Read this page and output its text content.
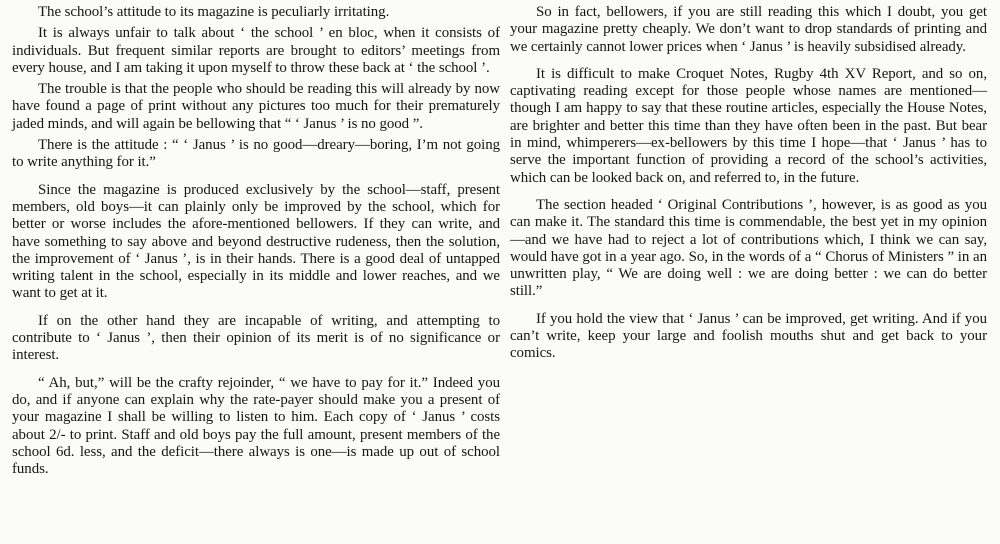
The school’s attitude to its magazine is peculiarly irritating.

It is always unfair to talk about ‘ the school ’ en bloc, when it consists of individuals. But frequent similar reports are brought to editors’ meetings from every house, and I am taking it upon myself to throw these back at ‘ the school ’.

The trouble is that the people who should be reading this will already by now have found a page of print without any pictures too much for their prematurely jaded minds, and will again be bellowing that “ ‘ Janus ’ is no good ”.

There is the attitude : “ ‘ Janus ’ is no good—dreary—boring, I’m not going to write anything for it.”

Since the magazine is produced exclusively by the school—staff, present members, old boys—it can plainly only be improved by the school, which for better or worse includes the afore-mentioned bellowers. If they can write, and have something to say above and beyond destructive rudeness, then the solution, the improvement of ‘ Janus ’, is in their hands. There is a good deal of untapped writing talent in the school, especially in its middle and lower reaches, and we want to get at it.

If on the other hand they are incapable of writing, and attempting to contribute to ‘ Janus ’, then their opinion of its merit is of no significance or interest.

“ Ah, but,” will be the crafty rejoinder, “ we have to pay for it.” Indeed you do, and if anyone can explain why the rate-payer should make you a present of your magazine I shall be willing to listen to him. Each copy of ‘ Janus ’ costs about 2/- to print. Staff and old boys pay the full amount, present members of the school 6d. less, and the deficit—there always is one—is made up out of school funds.

So in fact, bellowers, if you are still reading this which I doubt, you get your magazine pretty cheaply. We don’t want to drop standards of printing and we certainly cannot lower prices when ‘ Janus ’ is heavily subsidised already.

It is difficult to make Croquet Notes, Rugby 4th XV Report, and so on, captivating reading except for those people whose names are mentioned—though I am happy to say that these routine articles, especially the House Notes, are brighter and better this time than they have often been in the past. But bear in mind, whimperers—ex-bellowers by this time I hope—that ‘ Janus ’ has to serve the important function of providing a record of the school’s activities, which can be looked back on, and referred to, in the future.

The section headed ‘ Original Contributions ’, however, is as good as you can make it. The standard this time is commendable, the best yet in my opinion—and we have had to reject a lot of contributions which, I think we can say, would have got in a year ago. So, in the words of a “ Chorus of Ministers ” in an unwritten play, “ We are doing well : we are doing better : we can do better still.”

If you hold the view that ‘ Janus ’ can be improved, get writing. And if you can’t write, keep your large and foolish mouths shut and get back to your comics.
